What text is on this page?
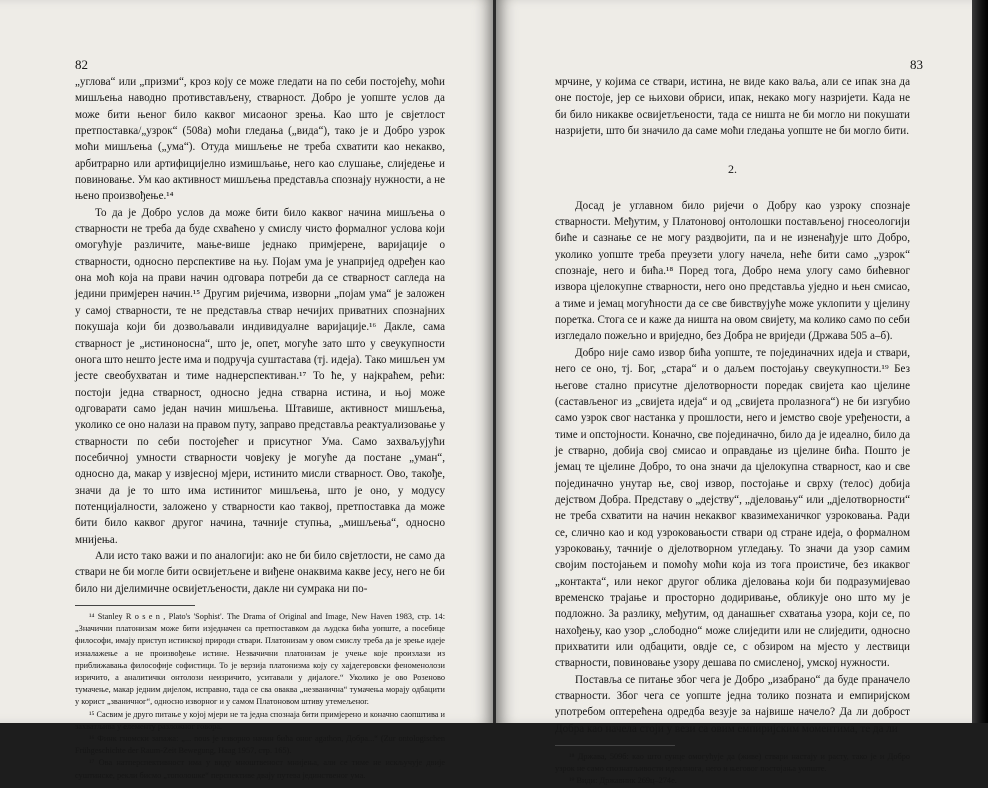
82

„углова“ или „призми“, кроз коју се може гледати на по себи постојећу, моћи мишљења наводно противстављену, стварност. Добро је уопште услов да може бити њеног било каквог мисаоног зрења. Као што је свјетлост претпоставка/„узрок“ (508а) моћи гледања („вида“), тако је и Добро узрок моћи мишљења („ума“). Отуда мишљење не треба схватити као некакво, арбитрарно или артифицијелно измишљање, него као слушање, слиједење и повиновање. Ум као активност мишљења представља спознају нужности, а не њено произвођење.¹⁴

То да је Добро услов да може бити било каквог начина мишљења о стварности не треба да буде схваћено у смислу чисто формалног услова који омогућује различите, мање-више једнако примјерене, варијације о стварности, односно перспективе на њу. Појам ума је унапријед одређен као она моћ која на прави начин одговара потреби да се стварност сагледа на једини примјерен начин.¹⁵ Другим ријечима, изворни „појам ума“ је заложен у самој стварности, те не представља ствар нечијих приватних спознајних покушаја који би дозвољавали индивидуалне варијације.¹⁶ Дакле, сама стварност је „истиноносна“, што је, опет, могуће зато што у свеукупности онога што нешто јесте има и подручја суштастава (тј. идеја). Тако мишљен ум јесте свеобухватан и тиме наднерспективан.¹⁷ То ће, у најкраћем, рећи: постоји једна стварност, односно једна стварна истина, и њој може одговарати само један начин мишљења. Штавише, активност мишљења, уколико се оно налази на правом путу, заправо представља реактуализовање у стварности по себи постојећег и присутног Ума. Само захваљујући посебичној умности стварности човјеку је могуће да постане „уман“, односно да, макар у извјесној мјери, истинито мисли стварност. Ово, такође, значи да је то што има истинитог мишљења, што је оно, у модусу потенцијалности, заложено у стварности као таквој, претпоставка да може бити било каквог другог начина, тачније ступња, „мишљења“, односно мнијења.

Али исто тако важи и по аналогији: ако не би било свјетлости, не само да ствари не би могле бити освијетљене и виђене онаквима какве јесу, него не би било ни дјелимичне освијетљености, дакле ни сумрака ни по-

¹⁴ Stanley R o s e n , Plato's 'Sophist'. The Drama of Original and Image, New Haven 1983, стр. 14: „Значични платонизам може бити изједначен са претпоставком да људска бића уопште, а посебице философи, имају приступ истинској природи ствари. Платонизам у овом смислу треба да је зрење идеје изналажење а не произвођење истине. Незвачични платонизам је учење које произлази из приближавања философије софистици. То је верзија платонизма коју су хајдегеровски феноменолози изричито, а аналитички онтолози неизричито, уситавали у дијалоге.“ Уколико је ово Розеново тумачење, макар једним дијелом, исправно, тада се сва оваква „незванична“ тумачења морају одбацити у корист „званичног“, односно изворног и у самом Платоновом штиву утемељеног.

¹⁵ Сасвим је друго питање у којој мјери не та једна спознаја бити примјерено и коначно саопштива и захватљива у елементу разложног говора.

¹⁶ Финк гномски запажа: „... nous је изворно начин бића оног agathon, Добра...“ (Zur ontologischen Frühgeschichte der Raum-Zeit Bewegung, Haag 1957, стр. 165).

¹⁷ Ова натперспективност има у виду мноштвеност мнијења, али се тиме не искључује двије суштинске, рекли бисмо „тополошке“ перспективе двају путева јединственог ума.

83

мрчине, у којима се ствари, истина, не виде како ваља, али се ипак зна да оне постоје, јер се њихови обриси, ипак, некако могу назријети. Када не би било никакве освијетљености, тада се ништа не би могло ни покушати назријети, што би значило да саме моћи гледања уопште не би могло бити.

2.

Досад је углавном било ријечи о Добру као узроку спознаје стварности. Међутим, у Платоновој онтолошки постављеној гносеологији биће и сазнање се не могу раздвојити, па и не изненађује што Добро, уколико уопште треба преузети улогу начела, неће бити само „узрок“ спознаје, него и бића.¹⁸ Поред тога, Добро нема улогу само бићевног извора цјелокупне стварности, него оно представља уједно и њен смисао, а тиме и јемац могућности да се све бивствујуће може уклопити у цјелину поретка. Стога се и каже да ништа на овом свијету, ма колико само по себи изгледало пожељно и вриједно, без Добра не вриједи (Држава 505 а–б).

Добро није само извор бића уопште, те појединачних идеја и ствари, него се оно, тј. Бог, „стара“ и о даљем постојању свеукупности.¹⁹ Без његове стално присутне дјелотворности поредак свијета као цјелине (састављеног из „свијета идеја“ и од „свијета пролазнога“) не би изгубио само узрок свог настанка у прошлости, него и јемство своје уређености, а тиме и опстојности. Коначно, све појединачно, било да је идеално, било да је стварно, добија свој смисао и оправдање из цјелине бића. Пошто је јемац те цјелине Добро, то она значи да цјелокупна стварност, као и све појединачно унутар ње, свој извор, постојање и сврху (телос) добија дејством Добра. Представу о „дејству“, „дјеловању“ или „дјелотворности“ не треба схватити на начин некаквог квазимеханичког узроковања. Ради се, слично као и код узроковањости ствари од стране идеја, о формалном узроковању, тачније о дјелотворном угледању. То значи да узор самим својим постојањем и помоћу моћи која из тога проистиче, без икаквог „контакта“, или неког другог облика дјеловања који би подразумијевао временско трајање и просторно додиривање, обликује оно што му је подложно. За разлику, међутим, од данашњег схватања узора, који се, по нахођењу, као узор „слободно“ може слиједити или не слиједити, односно прихватити или одбацити, овдје се, с обзиром на мјесто у лествици стварности, повиновање узору дешава по смисленој, умској нужности.

Постављa се питање због чега је Добро „изабрано“ да буде праначело стварности. Због чега се уопште једна толико позната и емпиријском употребом оптерећена одредба везује за највише начело? Да ли добрoст Добра као начела стоји у вези са овим емпиријским моментима, те да ли

¹⁸ Држава, 509б: као што сунце омогућује да (живе) ствари настају и расту, тако је и Добро узрок не само спознатљивости идеалнога, него и његовог постојања уопште.

¹⁹ Види: Државник 269ц–274е.
